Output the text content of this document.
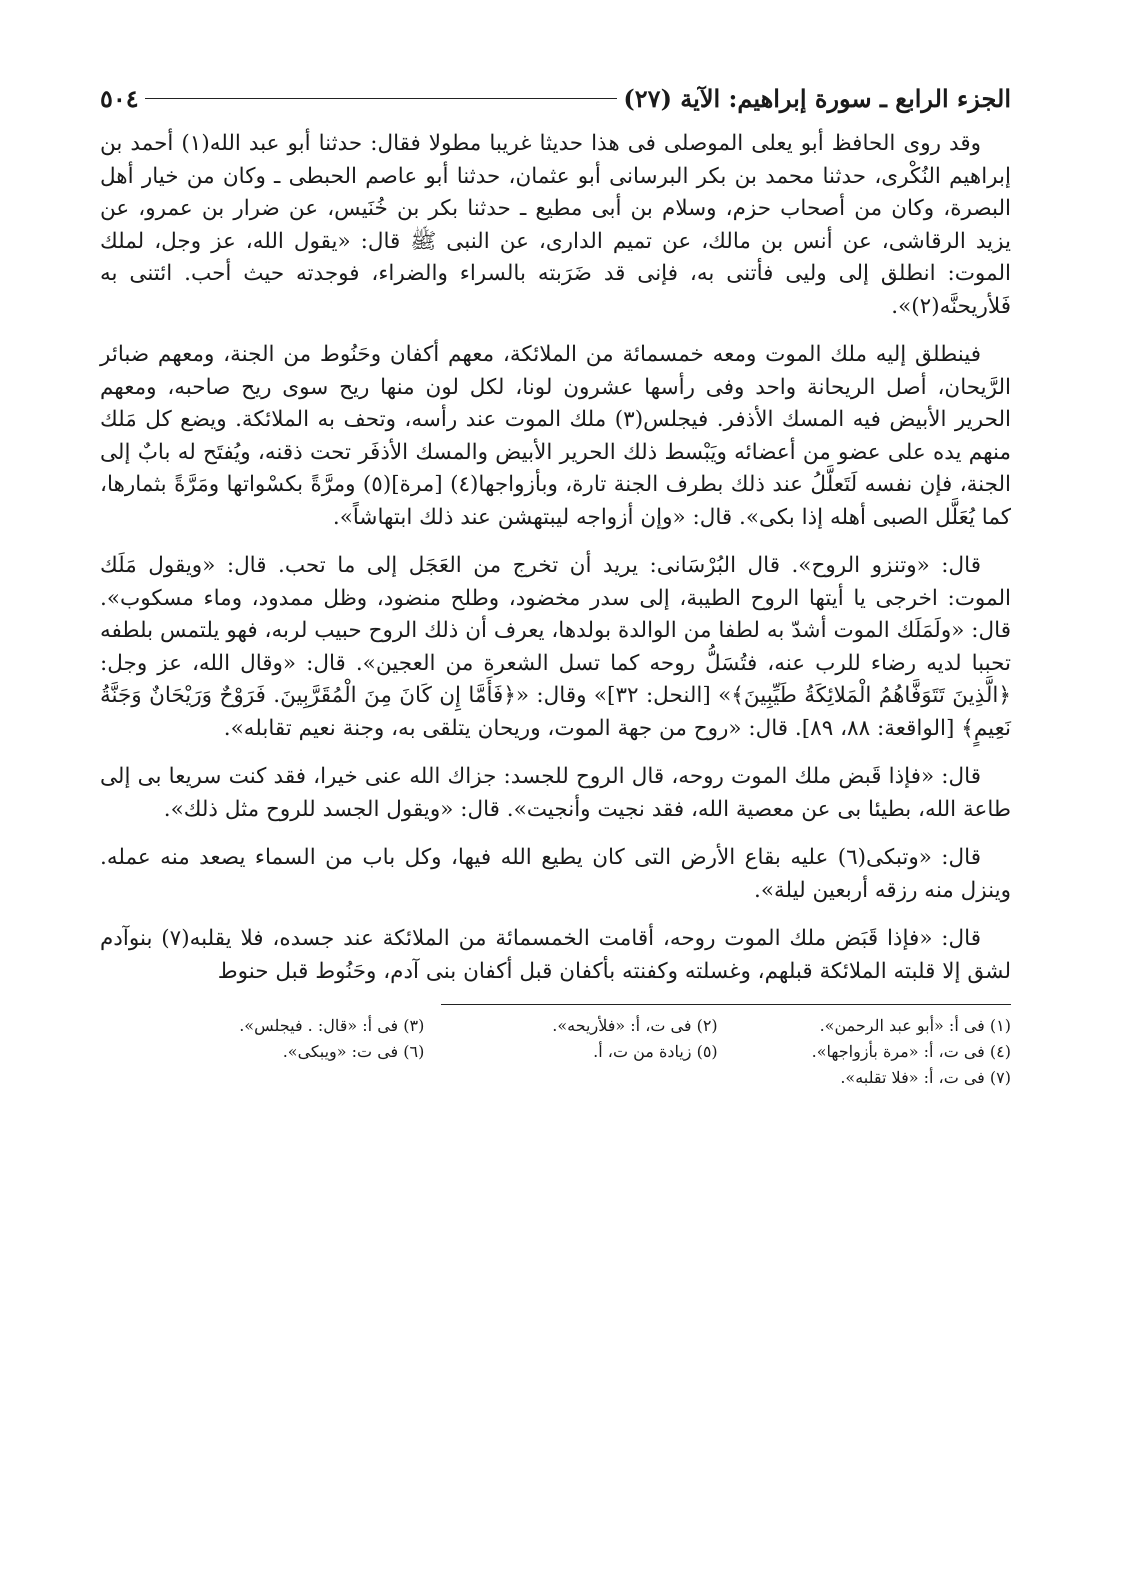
٥٠٤	الجزء الرابع ـ سورة إبراهيم: الآية (٢٧)

وقد روى الحافظ أبو يعلى الموصلى فى هذا حديثا غريبا مطولا فقال: حدثنا أبو عبد الله(١) أحمد بن إبراهيم النُكْرى، حدثنا محمد بن بكر البرسانى أبو عثمان، حدثنا أبو عاصم الحبطى ـ وكان من خيار أهل البصرة، وكان من أصحاب حزم، وسلام بن أبى مطيع ـ حدثنا بكر بن خُنَيس، عن ضرار بن عمرو، عن يزيد الرقاشى، عن أنس بن مالك، عن تميم الدارى، عن النبى ﷺ قال: «يقول الله، عز وجل، لملك الموت: انطلق إلى وليى فأتنى به، فإنى قد ضَرَبته بالسراء والضراء، فوجدته حيث أحب. ائتنى به فَلأريحنَّه(٢)».

فينطلق إليه ملك الموت ومعه خمسمائة من الملائكة، معهم أكفان وحَنُوط من الجنة، ومعهم ضبائر الرَّيحان، أصل الريحانة واحد وفى رأسها عشرون لونا، لكل لون منها ريح سوى ريح صاحبه، ومعهم الحرير الأبيض فيه المسك الأذفر. فيجلس(٣) ملك الموت عند رأسه، وتحف به الملائكة. ويضع كل مَلك منهم يده على عضو من أعضائه ويَبْسط ذلك الحرير الأبيض والمسك الأذفَر تحت ذقنه، ويُفتَح له بابٌ إلى الجنة، فإن نفسه لَتَعلَّلُ عند ذلك بطرف الجنة تارة، وبأزواجها(٤) [مرة](٥) ومرَّةً بكسْواتها ومَرَّةً بثمارها، كما يُعَلَّل الصبى أهله إذا بكى». قال: «وإن أزواجه ليبتهشن عند ذلك ابتهاشاً».

قال: «وتنزو الروح». قال البُرْسَانى: يريد أن تخرج من العَجَل إلى ما تحب. قال: «ويقول مَلَك الموت: اخرجى يا أيتها الروح الطيبة، إلى سدر مخضود، وطلح منضود، وظل ممدود، وماء مسكوب». قال: «ولَمَلَك الموت أشدّ به لطفا من الوالدة بولدها، يعرف أن ذلك الروح حبيب لربه، فهو يلتمس بلطفه تحببا لديه رضاء للرب عنه، فتُسَلُّ روحه كما تسل الشعرة من العجين». قال: «وقال الله، عز وجل: ﴿الَّذِينَ تَتَوَفَّاهُمُ الْمَلائِكَةُ طَيِّبِينَ﴾» [النحل: ٣٢]» وقال: «﴿فَأَمَّا إِن كَانَ مِنَ الْمُقَرَّبِينَ. فَرَوْحٌ وَرَيْحَانٌ وَجَنَّةُ نَعِيمٍ﴾ [الواقعة: ٨٨، ٨٩]. قال: «روح من جهة الموت، وريحان يتلقى به، وجنة نعيم تقابله».

قال: «فإذا قَبض ملك الموت روحه، قال الروح للجسد: جزاك الله عنى خيرا، فقد كنت سريعا بى إلى طاعة الله، بطيئا بى عن معصية الله، فقد نجيت وأنجيت». قال: «ويقول الجسد للروح مثل ذلك».

قال: «وتبكى(٦) عليه بقاع الأرض التى كان يطيع الله فيها، وكل باب من السماء يصعد منه عمله. وينزل منه رزقه أربعين ليلة».

قال: «فإذا قَبَض ملك الموت روحه، أقامت الخمسمائة من الملائكة عند جسده، فلا يقلبه(٧) بنوآدم لشق إلا قلبته الملائكة قبلهم، وغسلته وكفنته بأكفان قبل أكفان بنى آدم، وحَنُوط قبل حنوط

(١) فى أ: «أبو عبد الرحمن».
(٢) فى ت، أ: «فلأريحه».
(٣) فى أ: «قال: . فيجلس».
(٤) فى ت، أ: «مرة بأزواجها».
(٥) زيادة من ت، أ.
(٦) فى ت: «ويبكى».
(٧) فى ت، أ: «فلا تقلبه».
